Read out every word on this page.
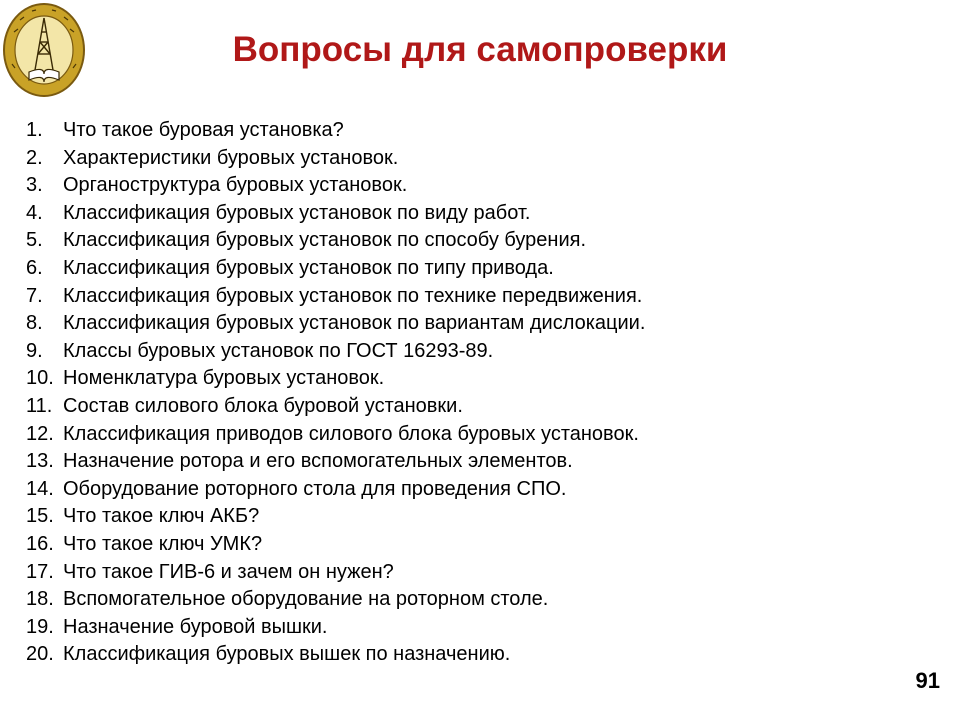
Вопросы для самопроверки
1.	Что такое буровая установка?
2.	Характеристики буровых установок.
3.	Органоструктура буровых установок.
4.	Классификация буровых установок по виду работ.
5.	Классификация буровых установок по способу бурения.
6.	Классификация буровых установок по типу привода.
7.	Классификация буровых установок по технике передвижения.
8.	Классификация буровых установок по вариантам дислокации.
9.	Классы буровых установок по ГОСТ 16293-89.
10. Номенклатура буровых установок.
11. Состав силового блока буровой установки.
12. Классификация приводов силового блока буровых установок.
13. Назначение ротора и его вспомогательных элементов.
14. Оборудование роторного стола для проведения СПО.
15. Что такое ключ АКБ?
16. Что такое ключ УМК?
17. Что такое ГИВ-6 и зачем он нужен?
18. Вспомогательное оборудование на роторном столе.
19. Назначение буровой вышки.
20. Классификация буровых вышек по назначению.
91
